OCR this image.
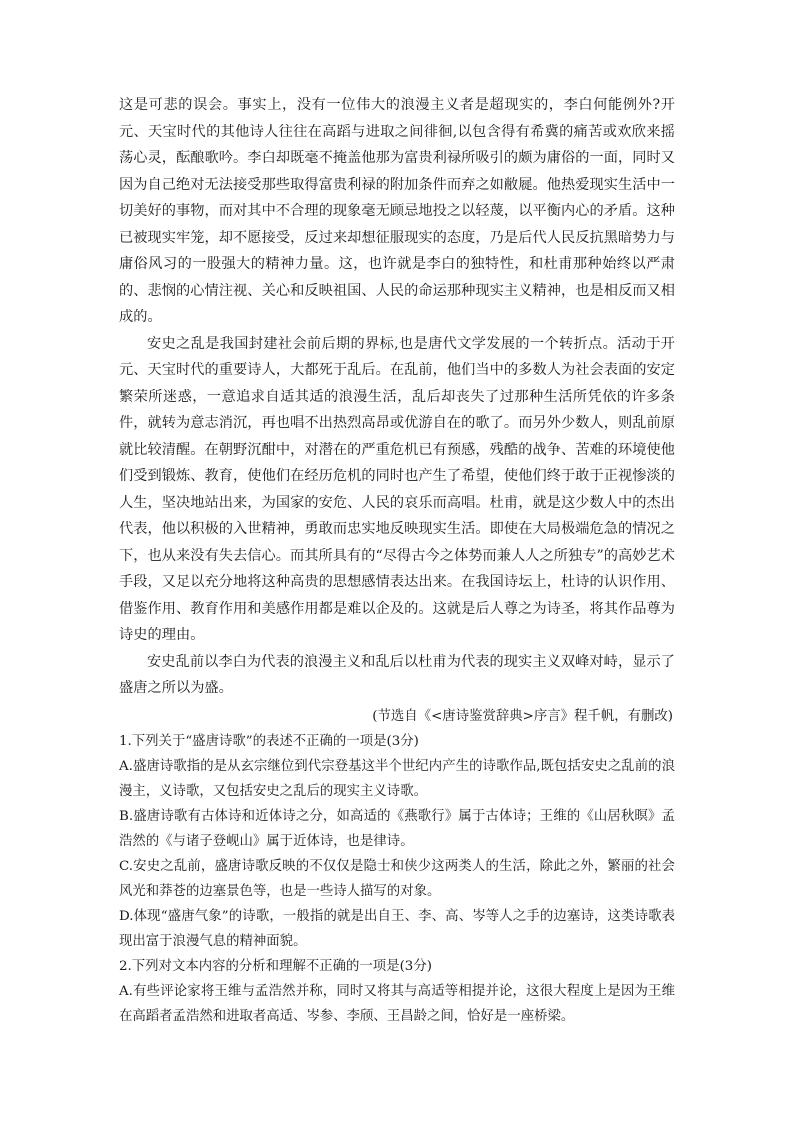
这是可悲的误会。事实上，没有一位伟大的浪漫主义者是超现实的，李白何能例外?开元、天宝时代的其他诗人往往在高蹈与进取之间徘徊,以包含得有希冀的痛苦或欢欣来摇荡心灵，酝酿歌吟。李白却既毫不掩盖他那为富贵利禄所吸引的颇为庸俗的一面，同时又因为自己绝对无法接受那些取得富贵利禄的附加条件而弃之如敝屣。他热爱现实生活中一切美好的事物，而对其中不合理的现象毫无顾忌地投之以轻蔑，以平衡内心的矛盾。这种已被现实牢笼，却不愿接受，反过来却想征服现实的态度，乃是后代人民反抗黑暗势力与庸俗风习的一股强大的精神力量。这，也许就是李白的独特性，和杜甫那种始终以严肃的、悲悯的心情注视、关心和反映祖国、人民的命运那种现实主义精神，也是相反而又相成的。

安史之乱是我国封建社会前后期的界标,也是唐代文学发展的一个转折点。活动于开元、天宝时代的重要诗人，大都死于乱后。在乱前，他们当中的多数人为社会表面的安定繁荣所迷惑，一意追求自适其适的浪漫生活，乱后却丧失了过那种生活所凭依的许多条件，就转为意志消沉，再也唱不出热烈高昂或优游自在的歌了。而另外少数人，则乱前原就比较清醒。在朝野沉酣中，对潜在的严重危机已有预感，残酷的战争、苦难的环境使他们受到锻炼、教育，使他们在经历危机的同时也产生了希望，使他们终于敢于正视惨淡的人生，坚决地站出来，为国家的安危、人民的哀乐而高唱。杜甫，就是这少数人中的杰出代表，他以积极的入世精神，勇敢而忠实地反映现实生活。即使在大局极端危急的情况之下，也从来没有失去信心。而其所具有的“尽得古今之体势而兼人人之所独专”的高妙艺术手段，又足以充分地将这种高贵的思想感情表达出来。在我国诗坛上，杜诗的认识作用、借鉴作用、教育作用和美感作用都是难以企及的。这就是后人尊之为诗圣，将其作品尊为诗史的理由。

安史乱前以李白为代表的浪漫主义和乱后以杜甫为代表的现实主义双峰对峙，显示了盛唐之所以为盛。

(节选自《<唐诗鉴赏辞典>序言》程千帆，有删改)

1.下列关于“盛唐诗歌”的表述不正确的一项是(3分)

A.盛唐诗歌指的是从玄宗继位到代宗登基这半个世纪内产生的诗歌作品,既包括安史之乱前的浪漫主，义诗歌，又包括安史之乱后的现实主义诗歌。

B.盛唐诗歌有古体诗和近体诗之分，如高适的《燕歌行》属于古体诗；王维的《山居秋暝》孟浩然的《与诸子登岘山》属于近体诗，也是律诗。

C.安史之乱前，盛唐诗歌反映的不仅仅是隐士和侠少这两类人的生活，除此之外，繁丽的社会风光和莽苍的边塞景色等，也是一些诗人描写的对象。

D.体现“盛唐气象”的诗歌，一般指的就是出自王、李、高、岑等人之手的边塞诗，这类诗歌表现出富于浪漫气息的精神面貌。

2.下列对文本内容的分析和理解不正确的一项是(3分)

A.有些评论家将王维与孟浩然并称，同时又将其与高适等相提并论，这很大程度上是因为王维在高蹈者孟浩然和进取者高适、岑参、李颀、王昌龄之间，恰好是一座桥梁。
